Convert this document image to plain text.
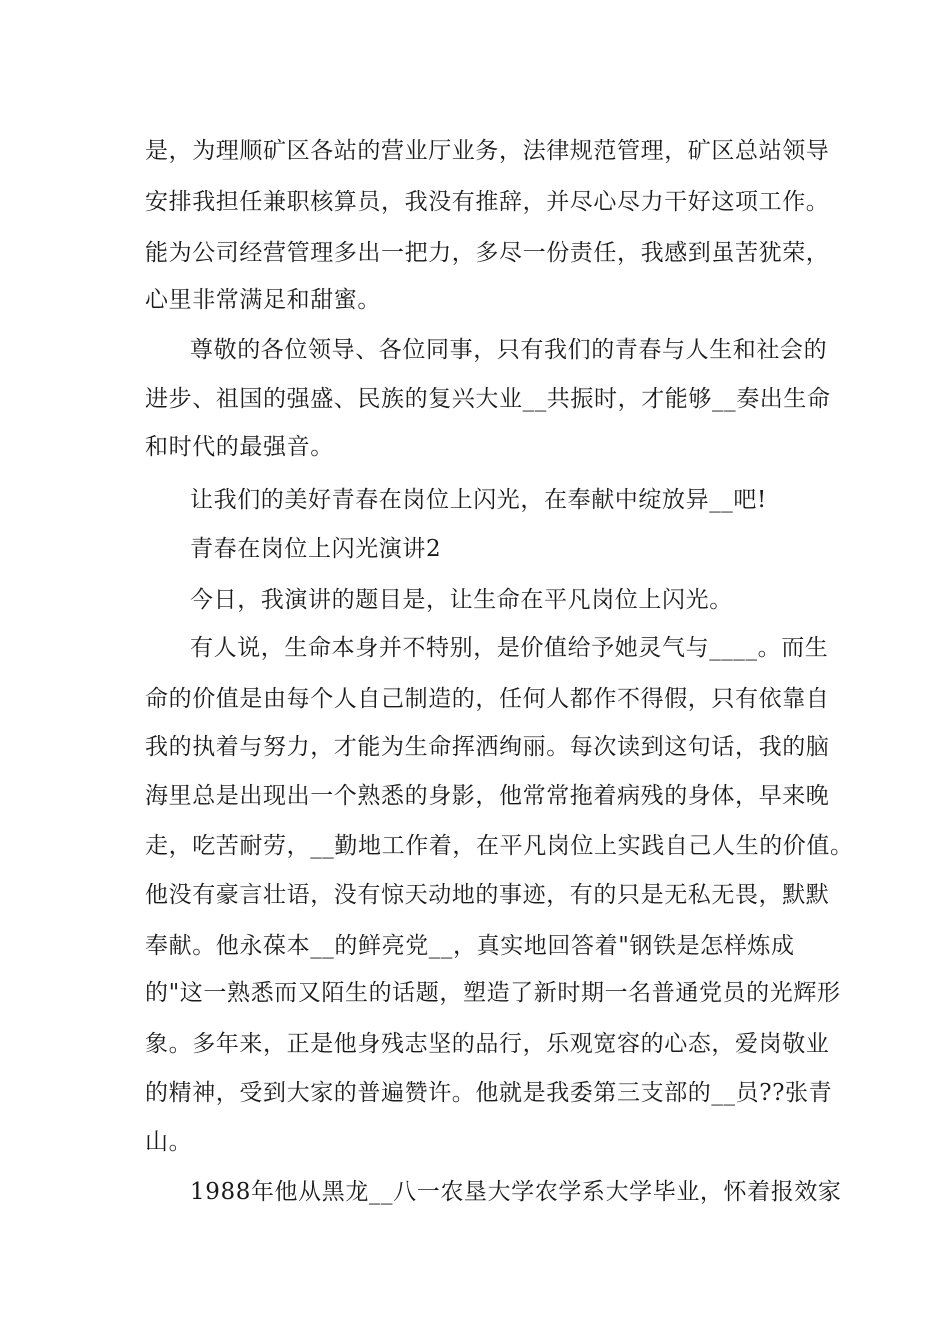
是，为理顺矿区各站的营业厅业务，法律规范管理，矿区总站领导
安排我担任兼职核算员，我没有推辞，并尽心尽力干好这项工作。
能为公司经营管理多出一把力，多尽一份责任，我感到虽苦犹荣，
心里非常满足和甜蜜。
尊敬的各位领导、各位同事，只有我们的青春与人生和社会的
进步、祖国的强盛、民族的复兴大业__共振时，才能够__奏出生命
和时代的最强音。
让我们的美好青春在岗位上闪光，在奉献中绽放异__吧!
青春在岗位上闪光演讲2
今日，我演讲的题目是，让生命在平凡岗位上闪光。
有人说，生命本身并不特别，是价值给予她灵气与____。而生
命的价值是由每个人自己制造的，任何人都作不得假，只有依靠自
我的执着与努力，才能为生命挥洒绚丽。每次读到这句话，我的脑
海里总是出现出一个熟悉的身影，他常常拖着病残的身体，早来晚
走，吃苦耐劳，__勤地工作着，在平凡岗位上实践自己人生的价值。
他没有豪言壮语，没有惊天动地的事迹，有的只是无私无畏，默默
奉献。他永葆本__的鲜亮党__，真实地回答着"钢铁是怎样炼成
的"这一熟悉而又陌生的话题，塑造了新时期一名普通党员的光辉形
象。多年来，正是他身残志坚的品行，乐观宽容的心态，爱岗敬业
的精神，受到大家的普遍赞许。他就是我委第三支部的__员??张青
山。
1988年他从黑龙__八一农垦大学农学系大学毕业，怀着报效家
